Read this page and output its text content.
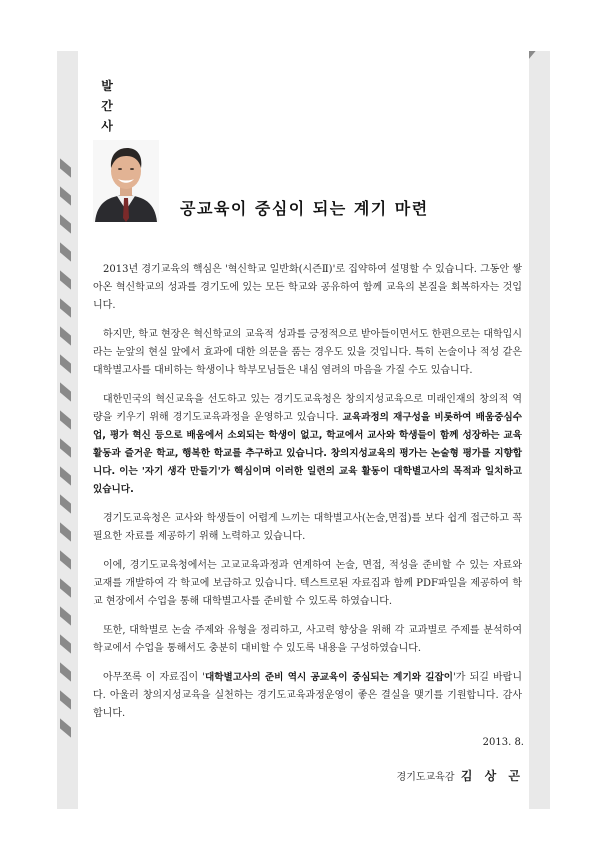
발
간
사
공교육이 중심이 되는 계기 마련

2013년 경기교육의 핵심은 '혁신학교 일반화(시즌Ⅱ)'로 집약하여 설명할 수 있습니다. 그동안 쌓아온 혁신학교의 성과를 경기도에 있는 모든 학교와 공유하여 함께 교육의 본질을 회복하자는 것입니다.

하지만, 학교 현장은 혁신학교의 교육적 성과를 긍정적으로 받아들이면서도 한편으로는 대학입시라는 눈앞의 현실 앞에서 효과에 대한 의문을 품는 경우도 있을 것입니다. 특히 논술이나 적성 같은 대학별고사를 대비하는 학생이나 학부모님들은 내심 염려의 마음을 가질 수도 있습니다.

대한민국의 혁신교육을 선도하고 있는 경기도교육청은 창의지성교육으로 미래인재의 창의적 역량을 키우기 위해 경기도교육과정을 운영하고 있습니다. 교육과정의 재구성을 비롯하여 배움중심수업, 평가 혁신 등으로 배움에서 소외되는 학생이 없고, 학교에서 교사와 학생들이 함께 성장하는 교육 활동과 즐거운 학교, 행복한 학교를 추구하고 있습니다. 창의지성교육의 평가는 논술형 평가를 지향합니다. 이는 '자기 생각 만들기'가 핵심이며 이러한 일련의 교육 활동이 대학별고사의 목적과 일치하고 있습니다.

경기도교육청은 교사와 학생들이 어렵게 느끼는 대학별고사(논술,면접)를 보다 쉽게 접근하고 꼭 필요한 자료를 제공하기 위해 노력하고 있습니다.

이에, 경기도교육청에서는 고교교육과정과 연계하여 논술, 면접, 적성을 준비할 수 있는 자료와 교재를 개발하여 각 학교에 보급하고 있습니다. 텍스트로된 자료집과 함께 PDF파일을 제공하여 학교 현장에서 수업을 통해 대학별고사를 준비할 수 있도록 하였습니다.

또한, 대학별로 논술 주제와 유형을 정리하고, 사고력 향상을 위해 각 교과별로 주제를 분석하여 학교에서 수업을 통해서도 충분히 대비할 수 있도록 내용을 구성하였습니다.

아무쪼록 이 자료집이 '대학별고사의 준비 역시 공교육이 중심되는 계기와 길잡이'가 되길 바랍니다. 아울러 창의지성교육을 실천하는 경기도교육과정운영이 좋은 결실을 맺기를 기원합니다. 감사합니다.

2013. 8.
경기도교육감 김 상 곤
